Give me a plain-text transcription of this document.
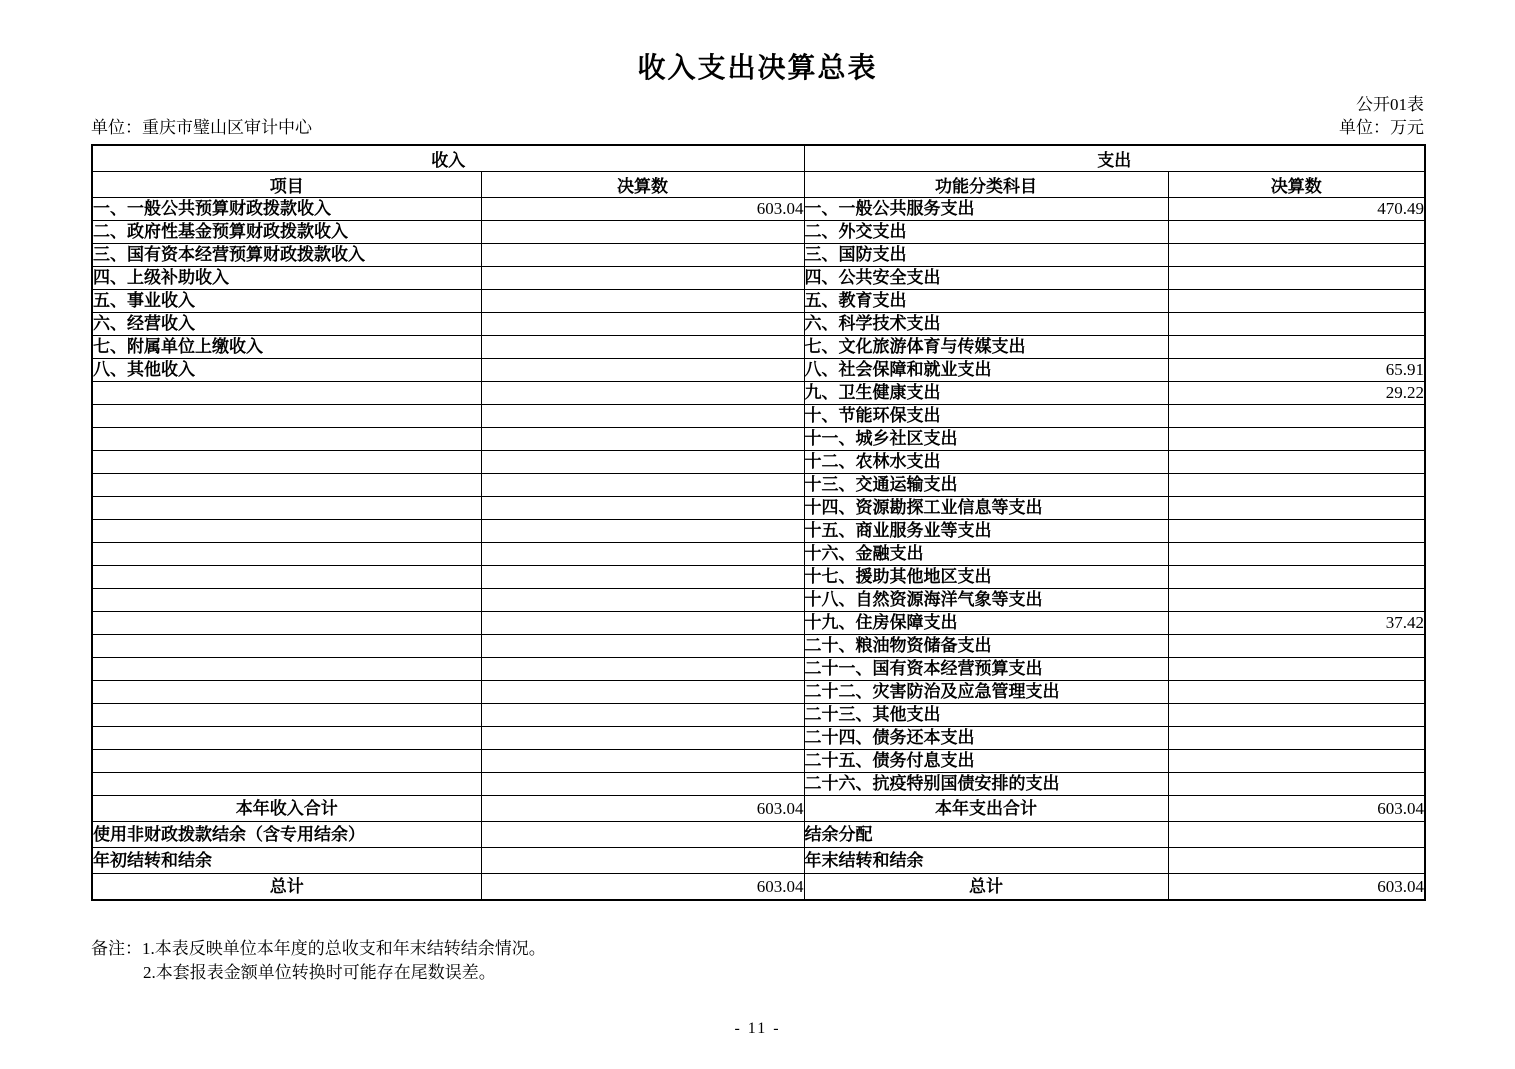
收入支出决算总表
公开01表
单位：重庆市璧山区审计中心	单位：万元
收入		支出	
项目	决算数	功能分类科目	决算数
一、一般公共预算财政拨款收入	603.04	一、一般公共服务支出	470.49
二、政府性基金预算财政拨款收入		二、外交支出	
三、国有资本经营预算财政拨款收入		三、国防支出	
四、上级补助收入		四、公共安全支出	
五、事业收入		五、教育支出	
六、经营收入		六、科学技术支出	
七、附属单位上缴收入		七、文化旅游体育与传媒支出	
八、其他收入		八、社会保障和就业支出	65.91
		九、卫生健康支出	29.22
		十、节能环保支出	
		十一、城乡社区支出	
		十二、农林水支出	
		十三、交通运输支出	
		十四、资源勘探工业信息等支出	
		十五、商业服务业等支出	
		十六、金融支出	
		十七、援助其他地区支出	
		十八、自然资源海洋气象等支出	
		十九、住房保障支出	37.42
		二十、粮油物资储备支出	
		二十一、国有资本经营预算支出	
		二十二、灾害防治及应急管理支出	
		二十三、其他支出	
		二十四、债务还本支出	
		二十五、债务付息支出	
		二十六、抗疫特别国债安排的支出	
本年收入合计	603.04	本年支出合计	603.04
使用非财政拨款结余（含专用结余）		结余分配	
年初结转和结余		年末结转和结余	
总计	603.04	总计	603.04
备注：1.本表反映单位本年度的总收支和年末结转结余情况。
2.本套报表金额单位转换时可能存在尾数误差。
- 11 -
